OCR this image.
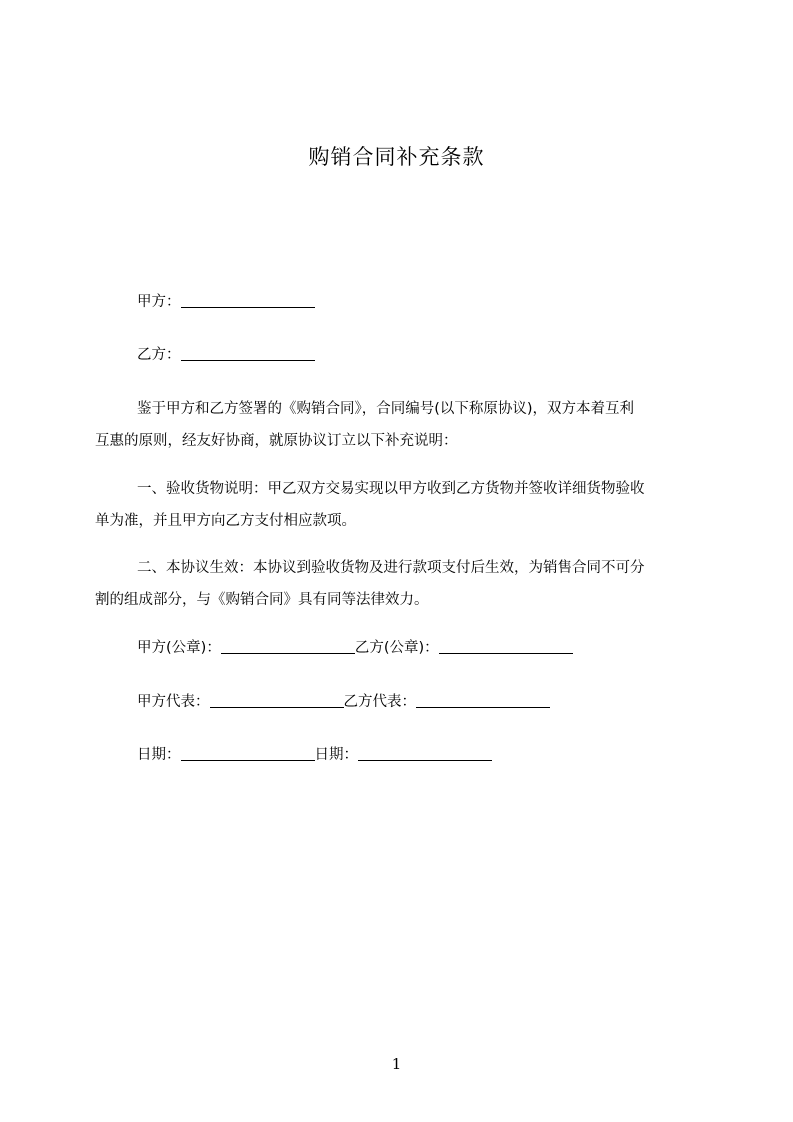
购销合同补充条款
甲方：
乙方：
鉴于甲方和乙方签署的《购销合同》，合同编号(以下称原协议)，双方本着互利
互惠的原则，经友好协商，就原协议订立以下补充说明：
一、验收货物说明：甲乙双方交易实现以甲方收到乙方货物并签收详细货物验收
单为准，并且甲方向乙方支付相应款项。
二、本协议生效：本协议到验收货物及进行款项支付后生效，为销售合同不可分
割的组成部分，与《购销合同》具有同等法律效力。
甲方(公章)：	乙方(公章)：
甲方代表：	乙方代表：
日期：	日期：
1
